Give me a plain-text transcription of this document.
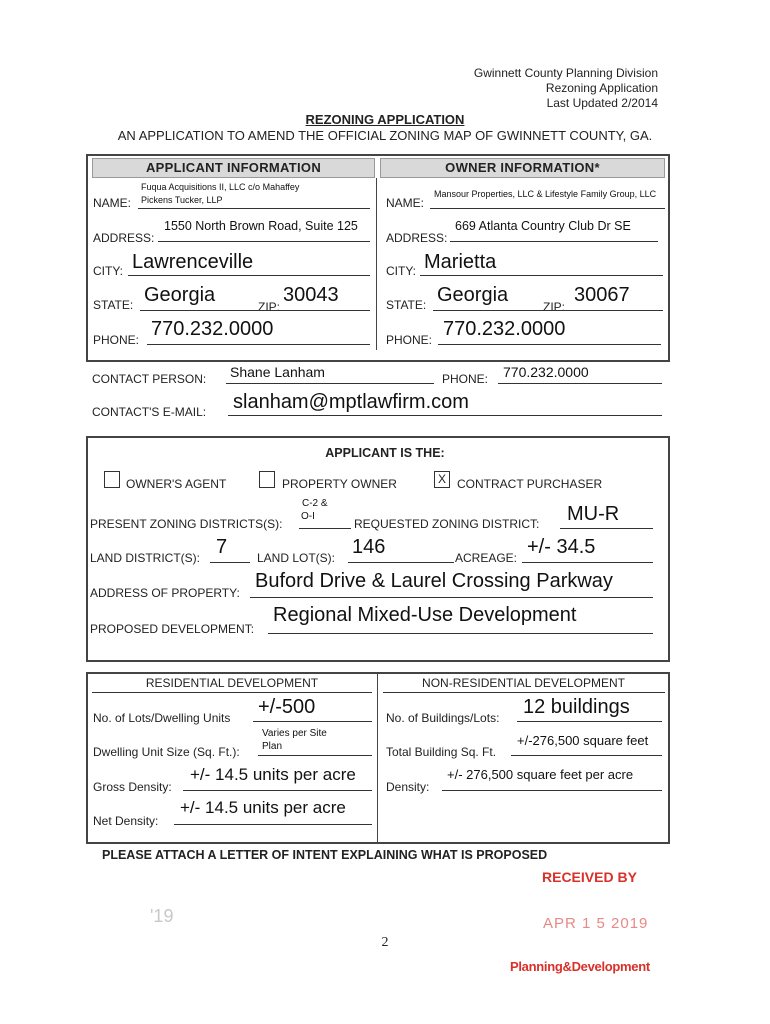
Gwinnett County Planning Division
Rezoning Application
Last Updated 2/2014
REZONING APPLICATION
AN APPLICATION TO AMEND THE OFFICIAL ZONING MAP OF GWINNETT COUNTY, GA.
APPLICANT INFORMATION	OWNER INFORMATION*
Fuqua Acquisitions II, LLC c/o Mahaffey
NAME: Pickens Tucker, LLP
ADDRESS:
1550 North Brown Road, Suite 125
CITY: Lawrenceville
STATE: Georgia
ZIP:
30043
PHONE: 770.232.0000
NAME:
Mansour Properties, LLC & Lifestyle Family Group, LLC
ADDRESS:
669 Atlanta Country Club Dr SE
CITY: Marietta
STATE: Georgia
ZIP:
30067
PHONE: 770.232.0000
CONTACT PERSON: Shane Lanham	PHONE: 770.232.0000
CONTACT'S E-MAIL: slanham@mptlawfirm.com
APPLICANT IS THE:
OWNER'S AGENT	PROPERTY OWNER	X CONTRACT PURCHASER
C-2 &
PRESENT ZONING DISTRICTS(S):
O-I
REQUESTED ZONING DISTRICT: MU-R
LAND DISTRICT(S): 7 LAND LOT(S): 146	ACREAGE: +/- 34.5
ADDRESS OF PROPERTY:
Buford Drive & Laurel Crossing Parkway
PROPOSED DEVELOPMENT:
Regional Mixed-Use Development
RESIDENTIAL DEVELOPMENT	NON-RESIDENTIAL DEVELOPMENT
No. of Lots/Dwelling Units +/-500
Varies per Site
Dwelling Unit Size (Sq. Ft.): Plan
Gross Density:
+/- 14.5 units per acre
Net Density:
+/- 14.5 units per acre
No. of Buildings/Lots: 12 buildings
Total Building Sq. Ft.
+/-276,500 square feet
Density:
+/- 276,500 square feet per acre
PLEASE ATTACH A LETTER OF INTENT EXPLAINING WHAT IS PROPOSED
RECEIVED BY
'19	APR 1 5 2019
2
Planning&Development
